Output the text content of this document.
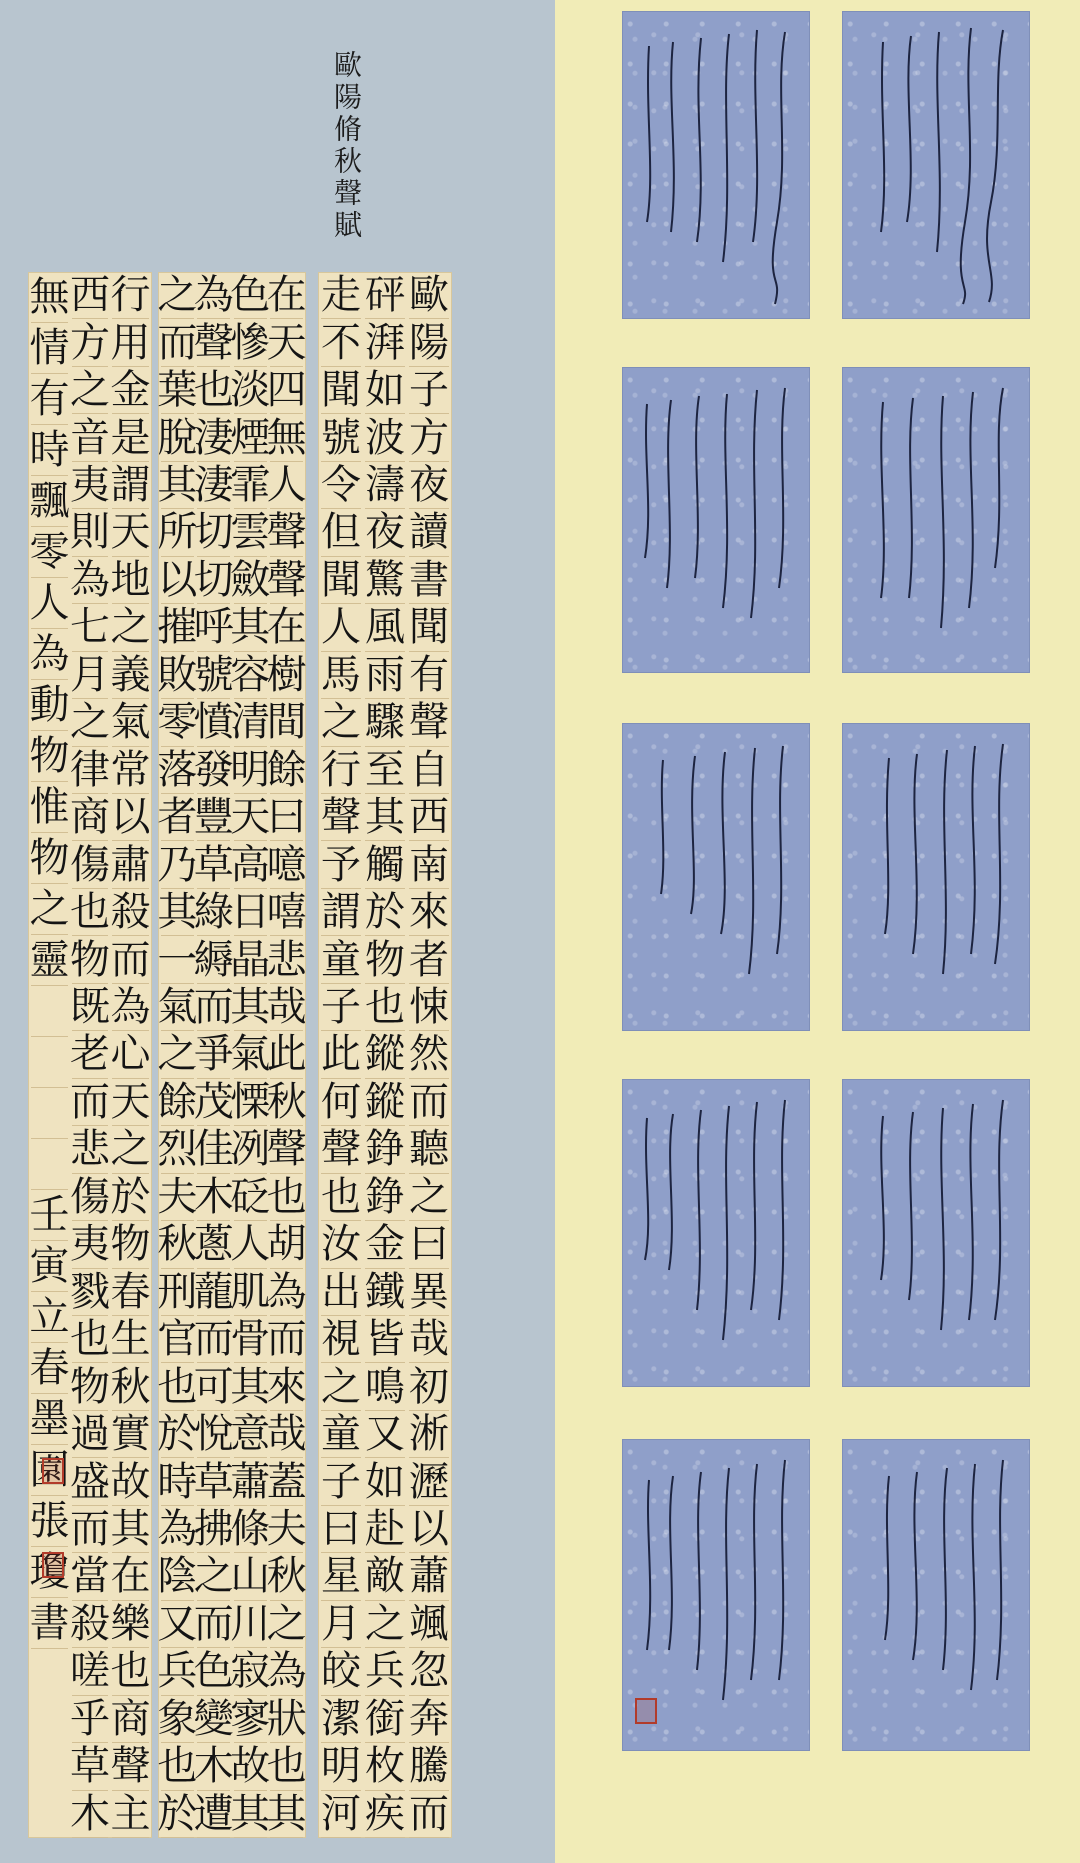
歐陽脩秋聲賦
行
用
金
是
謂
天
地
之
義
氣
常
以
肅
殺
而
為
心
天
之
於
物
春
生
秋
實
故
其
在
樂
也
商
聲
主
西
方
之
音
夷
則
為
七
月
之
律
商
傷
也
物
既
老
而
悲
傷
夷
戮
也
物
過
盛
而
當
殺
嗟
乎
草
木
無
情
有
時
飄
零
人
為
動
物
惟
物
之
靈

壬
寅
立
春
墨
園
張
瓊
書
在
天
四
無
人
聲
聲
在
樹
間
餘
曰
噫
嘻
悲
哉
此
秋
聲
也
胡
為
而
來
哉
蓋
夫
秋
之
為
狀
也
其
色
慘
淡
煙
霏
雲
斂
其
容
清
明
天
高
日
晶
其
氣
慄
冽
砭
人
肌
骨
其
意
蕭
條
山
川
寂
寥
故
其
為
聲
也
淒
淒
切
切
呼
號
憤
發
豐
草
綠
縟
而
爭
茂
佳
木
蔥
蘢
而
可
悅
草
拂
之
而
色
變
木
遭
之
而
葉
脫
其
所
以
摧
敗
零
落
者
乃
其
一
氣
之
餘
烈
夫
秋
刑
官
也
於
時
為
陰
又
兵
象
也
於
歐
陽
子
方
夜
讀
書
聞
有
聲
自
西
南
來
者
悚
然
而
聽
之
曰
異
哉
初
淅
瀝
以
蕭
颯
忽
奔
騰
而
砰
湃
如
波
濤
夜
驚
風
雨
驟
至
其
觸
於
物
也
鏦
鏦
錚
錚
金
鐵
皆
鳴
又
如
赴
敵
之
兵
銜
枚
疾
走
不
聞
號
令
但
聞
人
馬
之
行
聲
予
謂
童
子
此
何
聲
也
汝
出
視
之
童
子
曰
星
月
皎
潔
明
河
